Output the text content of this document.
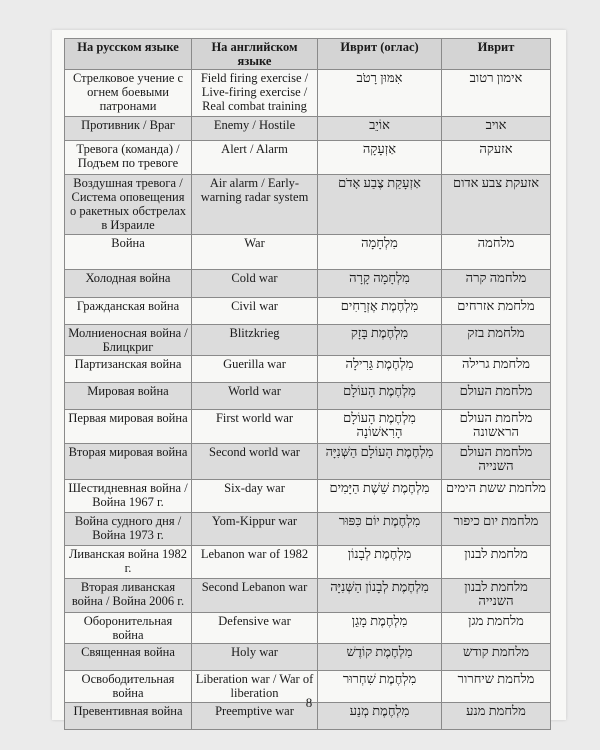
На русском языке	На английском языке	Иврит (оглас)	Иврит
Стрелковое учение с огнем боевыми патронами	Field firing exercise / Live-firing exercise / Real combat training	אִמּוּן רָטֹב	אימון רטוב
Противник / Враг	Enemy / Hostile	אוֹיֵב	אויב
Тревога (команда) / Подъем по тревоге	Alert / Alarm	אַזְעָקָה	אזעקה
Воздушная тревога / Система оповещения о ракетных обстрелах в Израиле	Air alarm / Early-warning radar system	אַזְעָקַת צֶבַע אָדֹם	אזעקת צבע אדום
Война	War	מִלְחָמָה	מלחמה
Холодная война	Cold war	מִלְחָמָה קָרָה	מלחמה קרה
Гражданская война	Civil war	מִלְחֶמֶת אֶזְרָחִים	מלחמת אזרחים
Молниеносная война / Блицкриг	Blitzkrieg	מִלְחֶמֶת בָּזָק	מלחמת בזק
Партизанская война	Guerilla war	מִלְחֶמֶת גֵּרִילָה	מלחמת גרילה
Мировая война	World war	מִלְחֶמֶת הָעוֹלָם	מלחמת העולם
Первая мировая война	First world war	מִלְחֶמֶת הָעוֹלָם הָרִאשׁוֹנָה	מלחמת העולם הראשונה
Вторая мировая война	Second world war	מִלְחֶמֶת הָעוֹלָם הַשְּׁנִיָּה	מלחמת העולם השנייה
Шестидневная война / Война 1967 г.	Six-day war	מִלְחֶמֶת שֵׁשֶׁת הַיָּמִים	מלחמת ששת הימים
Война судного дня / Война 1973 г.	Yom-Kippur war	מִלְחֶמֶת יוֹם כִּפּוּר	מלחמת יום כיפור
Ливанская война 1982 г.	Lebanon war of 1982	מִלְחֶמֶת לְבָנוֹן	מלחמת לבנון
Вторая ливанская война / Война 2006 г.	Second Lebanon war	מִלְחֶמֶת לְבָנוֹן הַשְּׁנִיָּה	מלחמת לבנון השנייה
Оборонительная война	Defensive war	מִלְחֶמֶת מָגֵן	מלחמת מגן
Священная война	Holy war	מִלְחֶמֶת קוֹדֶשׁ	מלחמת קודש
Освободительная война	Liberation war / War of liberation	מִלְחֶמֶת שִׁחְרוּר	מלחמת שיחרור
Превентивная война	Preemptive war	מִלְחֶמֶת מְנַע	מלחמת מנע
8
